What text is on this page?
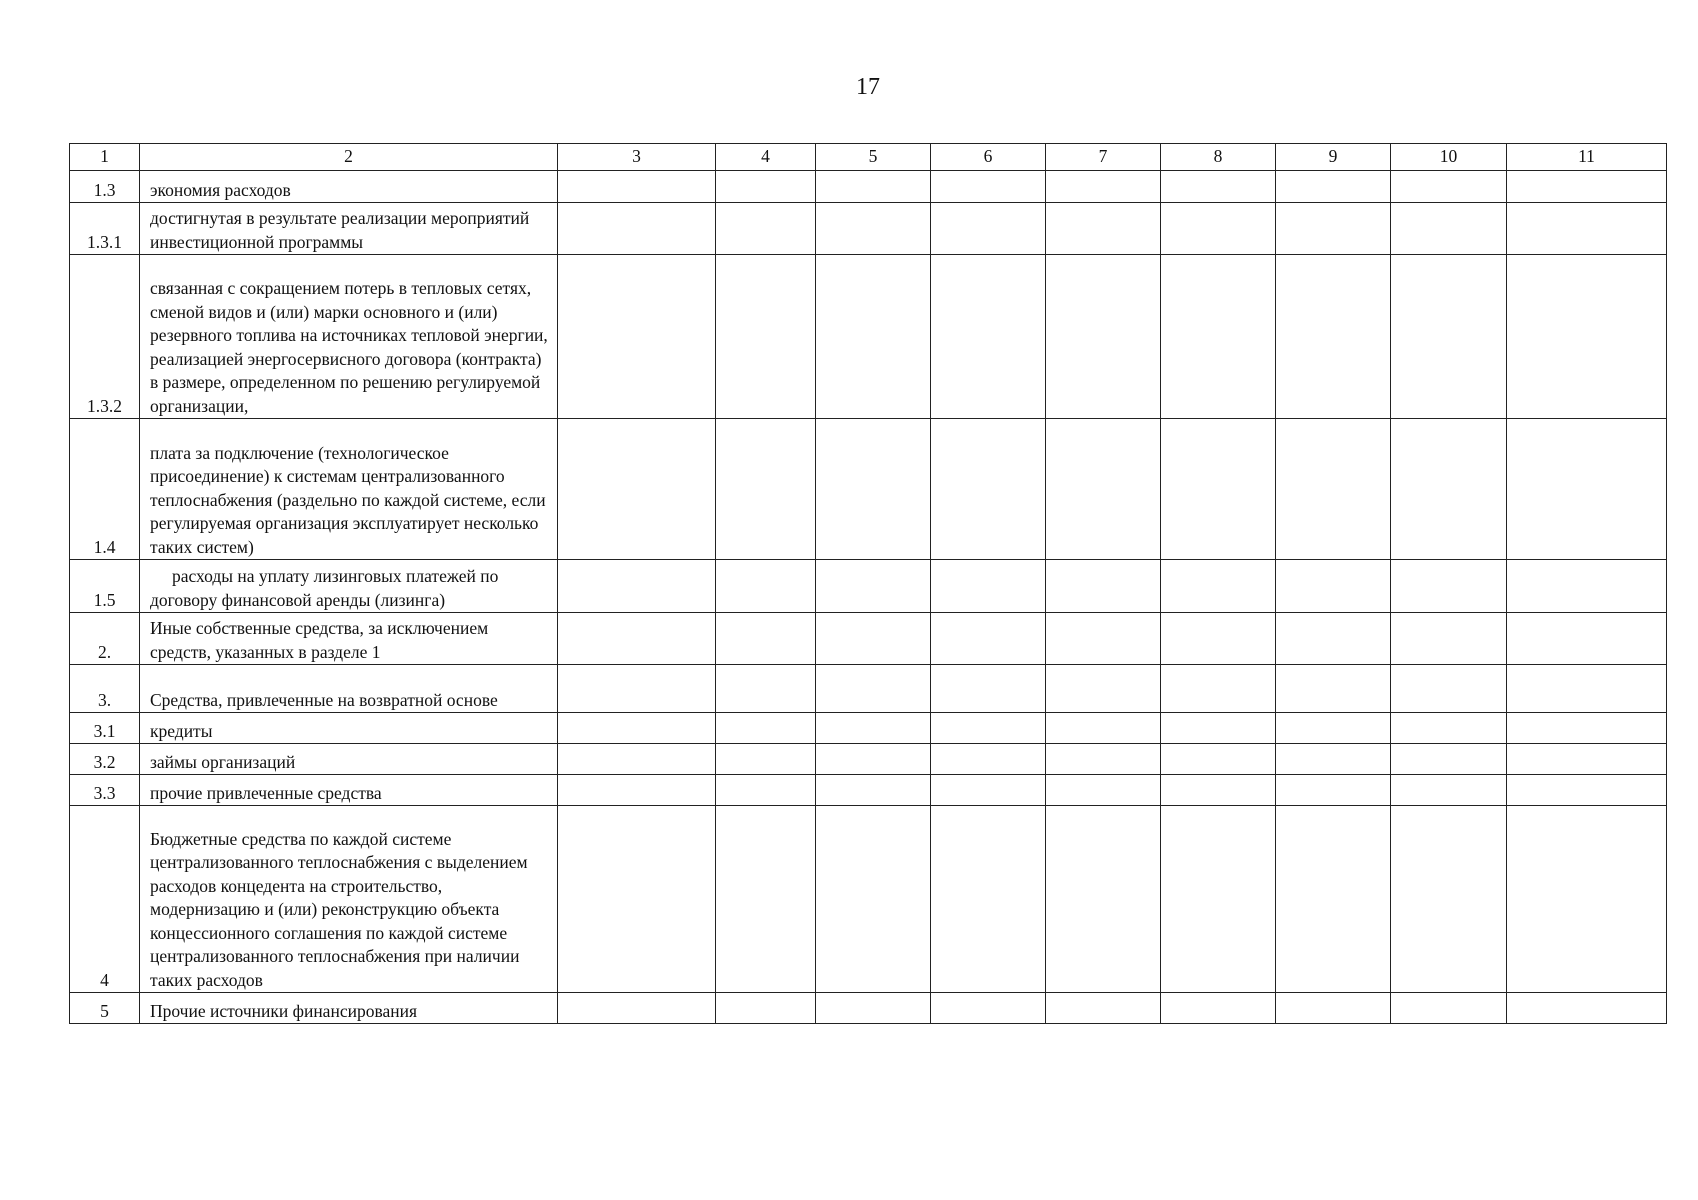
17
1	2	3	4	5	6	7	8	9	10	11
1.3	экономия расходов									
1.3.1	достигнутая в результате реализации мероприятий инвестиционной программы									
1.3.2	связанная с сокращением потерь в тепловых сетях, сменой видов и (или) марки основного и (или) резервного топлива на источниках тепловой энергии, реализацией энергосервисного договора (контракта) в размере, определенном по решению регулируемой организации,									
1.4	плата за подключение (технологическое присоединение) к системам централизованного теплоснабжения (раздельно по каждой системе, если регулируемая организация эксплуатирует несколько таких систем)									
1.5	расходы на уплату лизинговых платежей по договору финансовой аренды (лизинга)									
2.	Иные собственные средства, за исключением средств, указанных в разделе 1									
3.	Средства, привлеченные на возвратной основе									
3.1	кредиты									
3.2	займы организаций									
3.3	прочие привлеченные средства									
4	Бюджетные средства по каждой системе централизованного теплоснабжения с выделением расходов концедента на строительство, модернизацию и (или) реконструкцию объекта концессионного соглашения по каждой системе централизованного теплоснабжения при наличии таких расходов									
5	Прочие источники финансирования									
